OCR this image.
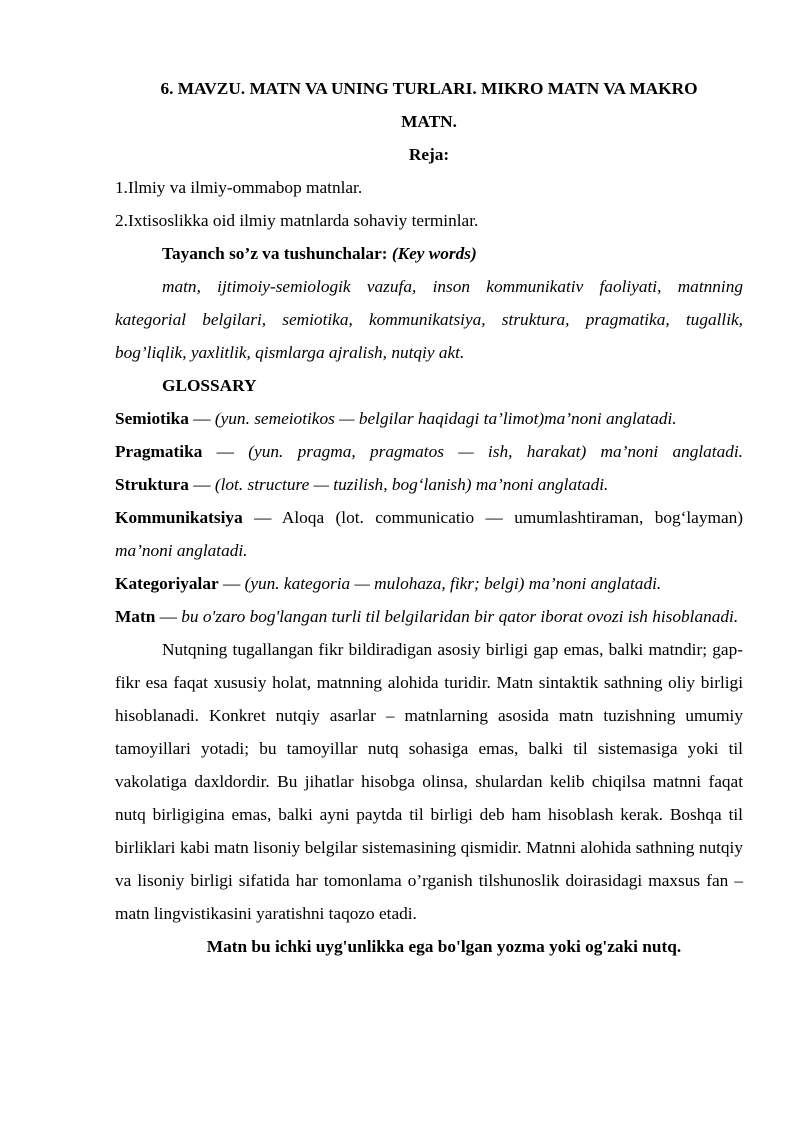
6. MAVZU. MATN VA UNING TURLARI. MIKRO MATN VA MAKRO
MATN.

Reja:

1.Ilmiy va ilmiy-ommabop matnlar.

2.Ixtisoslikka oid ilmiy matnlarda sohaviy terminlar.

Tayanch so’z va tushunchalar: (Key words)

matn, ijtimoiy-semiologik vazufa, inson kommunikativ faoliyati, matnning kategorial belgilari, semiotika, kommunikatsiya, struktura, pragmatika, tugallik, bog’liqlik, yaxlitlik, qismlarga ajralish, nutqiy akt.

GLOSSARY

Semiotika — (yun. semeiotikos — belgilar haqidagi ta’limot)ma’noni anglatadi.

Pragmatika — (yun. pragma, pragmatos — ish, harakat) ma’noni anglatadi.

Struktura — (lot. structure — tuzilish, bog‘lanish) ma’noni anglatadi.

Kommunikatsiya — Aloqa (lot. communicatio — umumlashtiraman, bog‘layman) ma’noni anglatadi.

Kategoriyalar — (yun. kategoria — mulohaza, fikr; belgi) ma’noni anglatadi.

Matn — bu o'zaro bog'langan turli til belgilaridan bir qator iborat ovozi ish hisoblanadi.

Nutqning tugallangan fikr bildiradigan asosiy birligi gap emas, balki matndir; gap-fikr esa faqat xususiy holat, matnning alohida turidir. Matn sintaktik sathning oliy birligi hisoblanadi. Konkret nutqiy asarlar – matnlarning asosida matn tuzishning umumiy tamoyillari yotadi; bu tamoyillar nutq sohasiga emas, balki til sistemasiga yoki til vakolatiga daxldordir. Bu jihatlar hisobga olinsa, shulardan kelib chiqilsa matnni faqat nutq birligigina emas, balki ayni paytda til birligi deb ham hisoblash kerak. Boshqa til birliklari kabi matn lisoniy belgilar sistemasining qismidir. Matnni alohida sathning nutqiy va lisoniy birligi sifatida har tomonlama o’rganish tilshunoslik doirasidagi maxsus fan – matn lingvistikasini yaratishni taqozo etadi.

Matn bu ichki uyg'unlikka ega bo'lgan yozma yoki og'zaki nutq.
